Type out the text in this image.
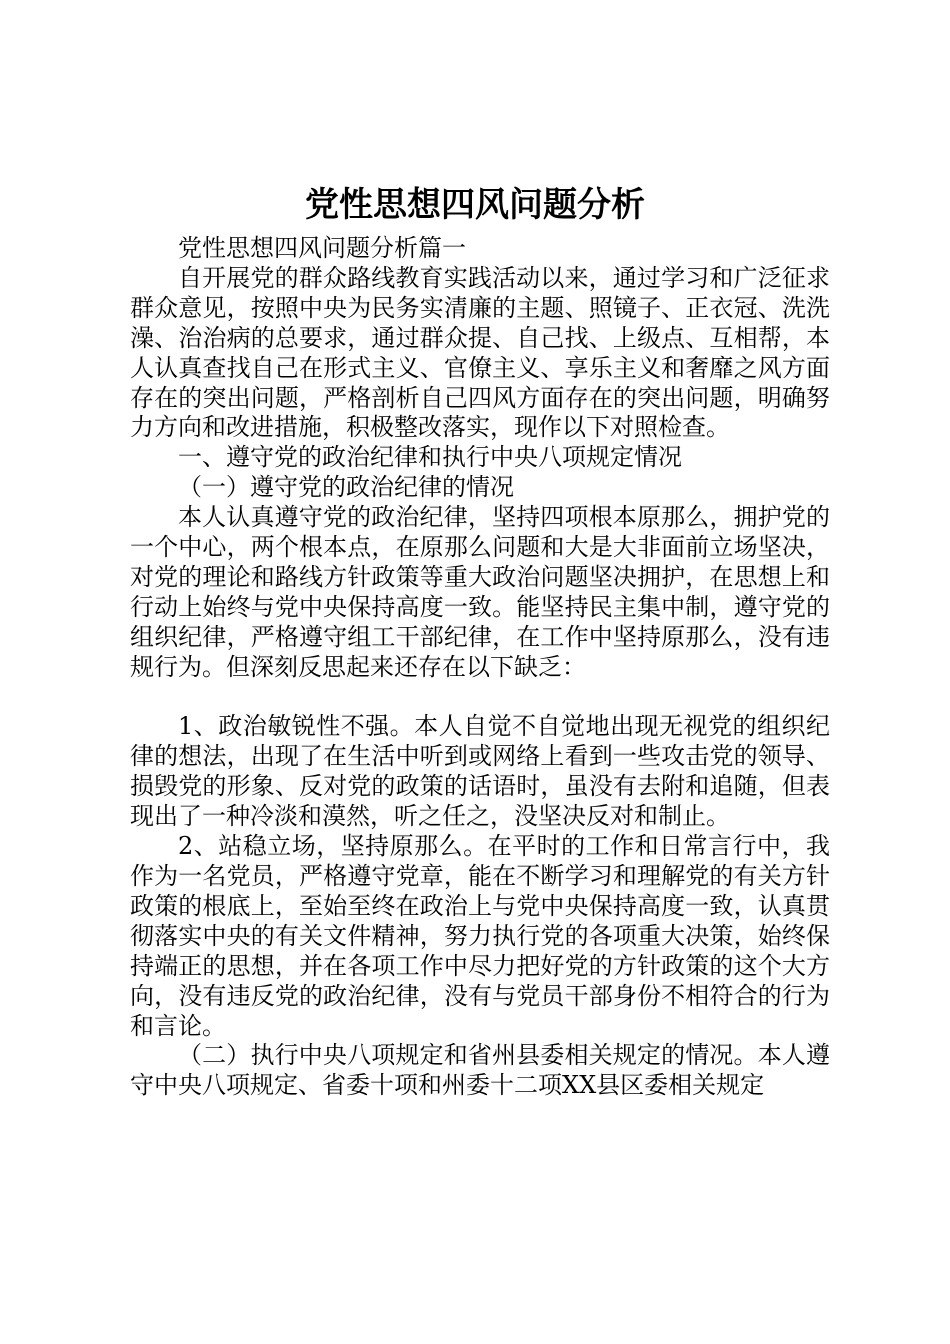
党性思想四风问题分析

党性思想四风问题分析篇一

自开展党的群众路线教育实践活动以来，通过学习和广泛征求群众意见，按照中央为民务实清廉的主题、照镜子、正衣冠、洗洗澡、治治病的总要求，通过群众提、自己找、上级点、互相帮，本人认真查找自己在形式主义、官僚主义、享乐主义和奢靡之风方面存在的突出问题，严格剖析自己四风方面存在的突出问题，明确努力方向和改进措施，积极整改落实，现作以下对照检查。

一、遵守党的政治纪律和执行中央八项规定情况

（一）遵守党的政治纪律的情况

本人认真遵守党的政治纪律，坚持四项根本原那么，拥护党的一个中心，两个根本点，在原那么问题和大是大非面前立场坚决，对党的理论和路线方针政策等重大政治问题坚决拥护，在思想上和行动上始终与党中央保持高度一致。能坚持民主集中制，遵守党的组织纪律，严格遵守组工干部纪律，在工作中坚持原那么，没有违规行为。但深刻反思起来还存在以下缺乏：

1、政治敏锐性不强。本人自觉不自觉地出现无视党的组织纪律的想法，出现了在生活中听到或网络上看到一些攻击党的领导、损毁党的形象、反对党的政策的话语时，虽没有去附和追随，但表现出了一种冷淡和漠然，听之任之，没坚决反对和制止。

2、站稳立场，坚持原那么。在平时的工作和日常言行中，我作为一名党员，严格遵守党章，能在不断学习和理解党的有关方针政策的根底上，至始至终在政治上与党中央保持高度一致，认真贯彻落实中央的有关文件精神，努力执行党的各项重大决策，始终保持端正的思想，并在各项工作中尽力把好党的方针政策的这个大方向，没有违反党的政治纪律，没有与党员干部身份不相符合的行为和言论。

（二）执行中央八项规定和省州县委相关规定的情况。本人遵守中央八项规定、省委十项和州委十二项XX县区委相关规定
